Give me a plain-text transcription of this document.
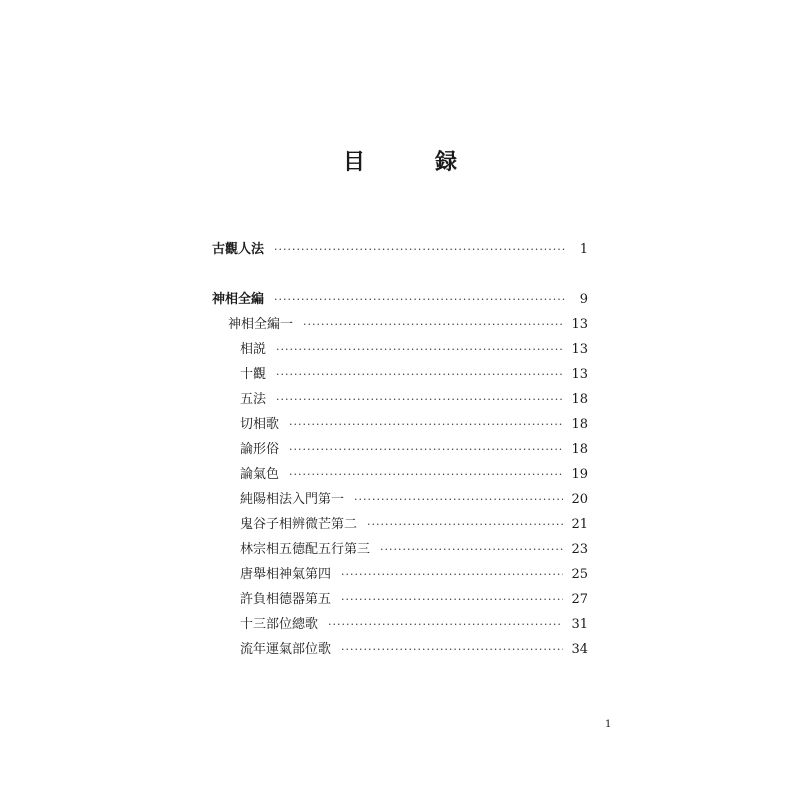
目　録
古觀人法 ·····	1
神相全編 ·····	9
神相全編一 ·····	13
相説 ·····	13
十觀 ·····	13
五法 ·····	18
切相歌 ·····	18
論形俗 ·····	18
論氣色 ·····	19
純陽相法入門第一 ·····	20
鬼谷子相辨微芒第二 ·····	21
林宗相五德配五行第三 ·····	23
唐舉相神氣第四 ·····	25
許負相德器第五 ·····	27
十三部位總歌 ·····	31
流年運氣部位歌 ·····	34
1
